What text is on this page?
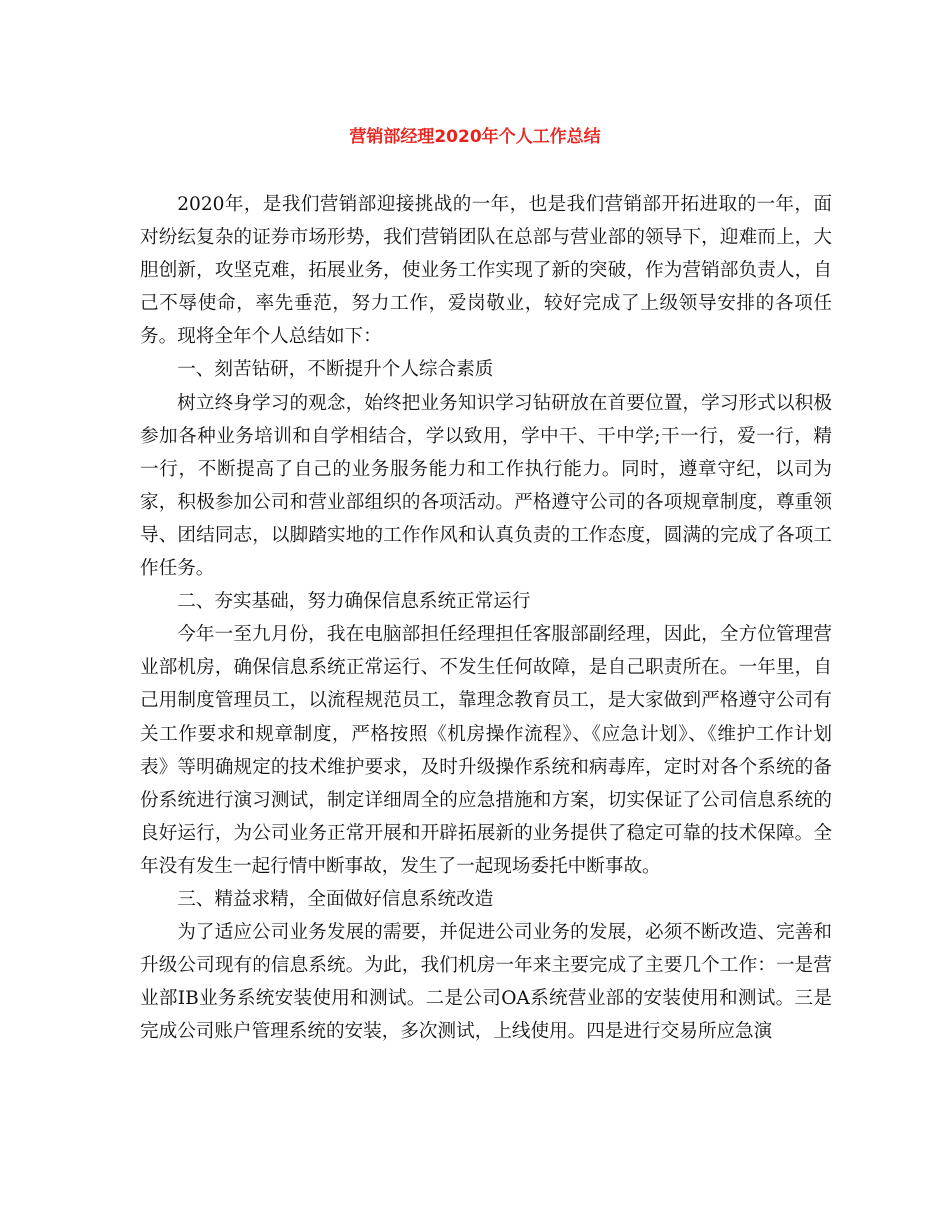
营销部经理2020年个人工作总结

2020年，是我们营销部迎接挑战的一年，也是我们营销部开拓进取的一年，面对纷纭复杂的证券市场形势，我们营销团队在总部与营业部的领导下，迎难而上，大胆创新，攻坚克难，拓展业务，使业务工作实现了新的突破，作为营销部负责人，自己不辱使命，率先垂范，努力工作，爱岗敬业，较好完成了上级领导安排的各项任务。现将全年个人总结如下：

一、刻苦钻研，不断提升个人综合素质

树立终身学习的观念，始终把业务知识学习钻研放在首要位置，学习形式以积极参加各种业务培训和自学相结合，学以致用，学中干、干中学;干一行，爱一行，精一行，不断提高了自己的业务服务能力和工作执行能力。同时，遵章守纪，以司为家，积极参加公司和营业部组织的各项活动。严格遵守公司的各项规章制度，尊重领导、团结同志，以脚踏实地的工作作风和认真负责的工作态度，圆满的完成了各项工作任务。

二、夯实基础，努力确保信息系统正常运行

今年一至九月份，我在电脑部担任经理担任客服部副经理，因此，全方位管理营业部机房，确保信息系统正常运行、不发生任何故障，是自己职责所在。一年里，自己用制度管理员工，以流程规范员工，靠理念教育员工，是大家做到严格遵守公司有关工作要求和规章制度，严格按照《机房操作流程》、《应急计划》、《维护工作计划表》等明确规定的技术维护要求，及时升级操作系统和病毒库，定时对各个系统的备份系统进行演习测试，制定详细周全的应急措施和方案，切实保证了公司信息系统的良好运行，为公司业务正常开展和开辟拓展新的业务提供了稳定可靠的技术保障。全年没有发生一起行情中断事故，发生了一起现场委托中断事故。

三、精益求精，全面做好信息系统改造

为了适应公司业务发展的需要，并促进公司业务的发展，必须不断改造、完善和升级公司现有的信息系统。为此，我们机房一年来主要完成了主要几个工作：一是营业部IB业务系统安装使用和测试。二是公司OA系统营业部的安装使用和测试。三是完成公司账户管理系统的安装，多次测试，上线使用。四是进行交易所应急演
